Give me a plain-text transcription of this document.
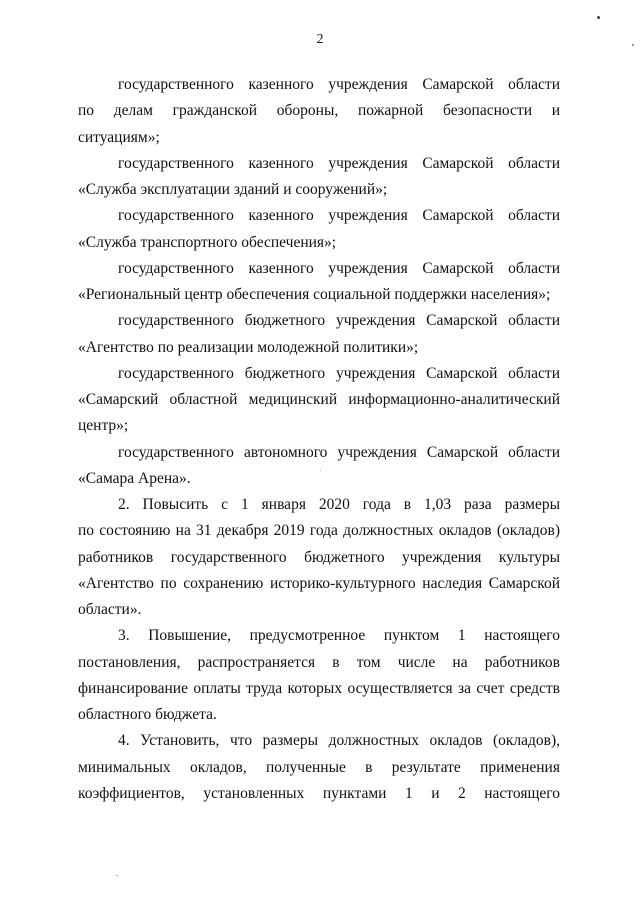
2
государственного казенного учреждения Самарской области
по делам гражданской обороны, пожарной безопасности и
ситуациям»;
государственного казенного учреждения Самарской области
«Служба эксплуатации зданий и сооружений»;
государственного казенного учреждения Самарской области
«Служба транспортного обеспечения»;
государственного казенного учреждения Самарской области
«Региональный центр обеспечения социальной поддержки населения»;
государственного бюджетного учреждения Самарской области
«Агентство по реализации молодежной политики»;
государственного бюджетного учреждения Самарской области
«Самарский областной медицинский информационно-аналитический
центр»;
государственного автономного учреждения Самарской области
«Самара Арена».
2. Повысить с 1 января 2020 года в 1,03 раза размеры
по состоянию на 31 декабря 2019 года должностных окладов (окладов)
работников государственного бюджетного учреждения культуры
«Агентство по сохранению историко-культурного наследия Самарской
области».
3. Повышение, предусмотренное пунктом 1 настоящего
постановления, распространяется в том числе на работников
финансирование оплаты труда которых осуществляется за счет средств
областного бюджета.
4. Установить, что размеры должностных окладов (окладов),
минимальных окладов, полученные в результате применения
коэффициентов, установленных пунктами 1 и 2 настоящего
